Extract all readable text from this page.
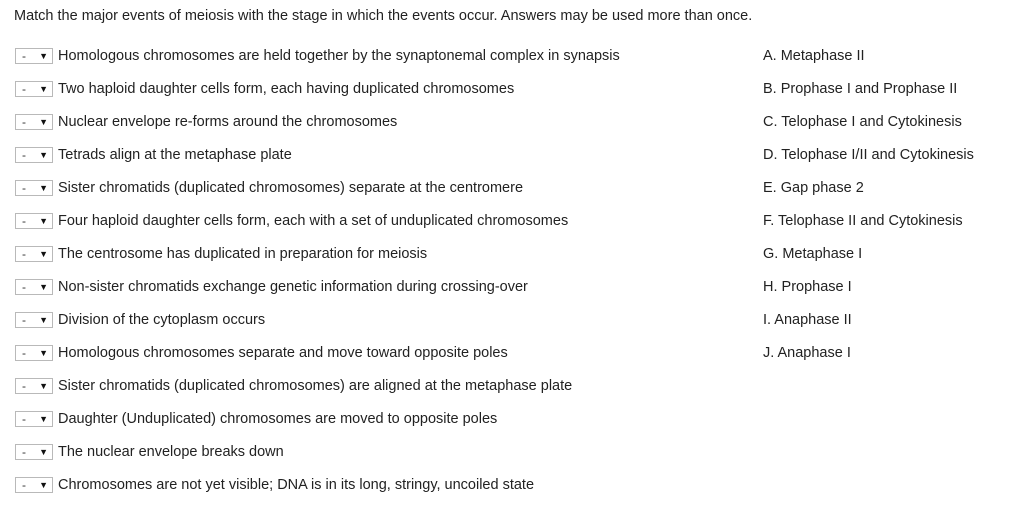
Match the major events of meiosis with the stage in which the events occur. Answers may be used more than once.
- ▼ Homologous chromosomes are held together by the synaptonemal complex in synapsis
- ▼ Two haploid daughter cells form, each having duplicated chromosomes
- ▼ Nuclear envelope re-forms around the chromosomes
- ▼ Tetrads align at the metaphase plate
- ▼ Sister chromatids (duplicated chromosomes) separate at the centromere
- ▼ Four haploid daughter cells form, each with a set of unduplicated chromosomes
- ▼ The centrosome has duplicated in preparation for meiosis
- ▼ Non-sister chromatids exchange genetic information during crossing-over
- ▼ Division of the cytoplasm occurs
- ▼ Homologous chromosomes separate and move toward opposite poles
- ▼ Sister chromatids (duplicated chromosomes) are aligned at the metaphase plate
- ▼ Daughter (Unduplicated) chromosomes are moved to opposite poles
- ▼ The nuclear envelope breaks down
- ▼ Chromosomes are not yet visible; DNA is in its long, stringy, uncoiled state
A. Metaphase II
B. Prophase I and Prophase II
C. Telophase I and Cytokinesis
D. Telophase I/II and Cytokinesis
E. Gap phase 2
F. Telophase II and Cytokinesis
G. Metaphase I
H. Prophase I
I. Anaphase II
J. Anaphase I
